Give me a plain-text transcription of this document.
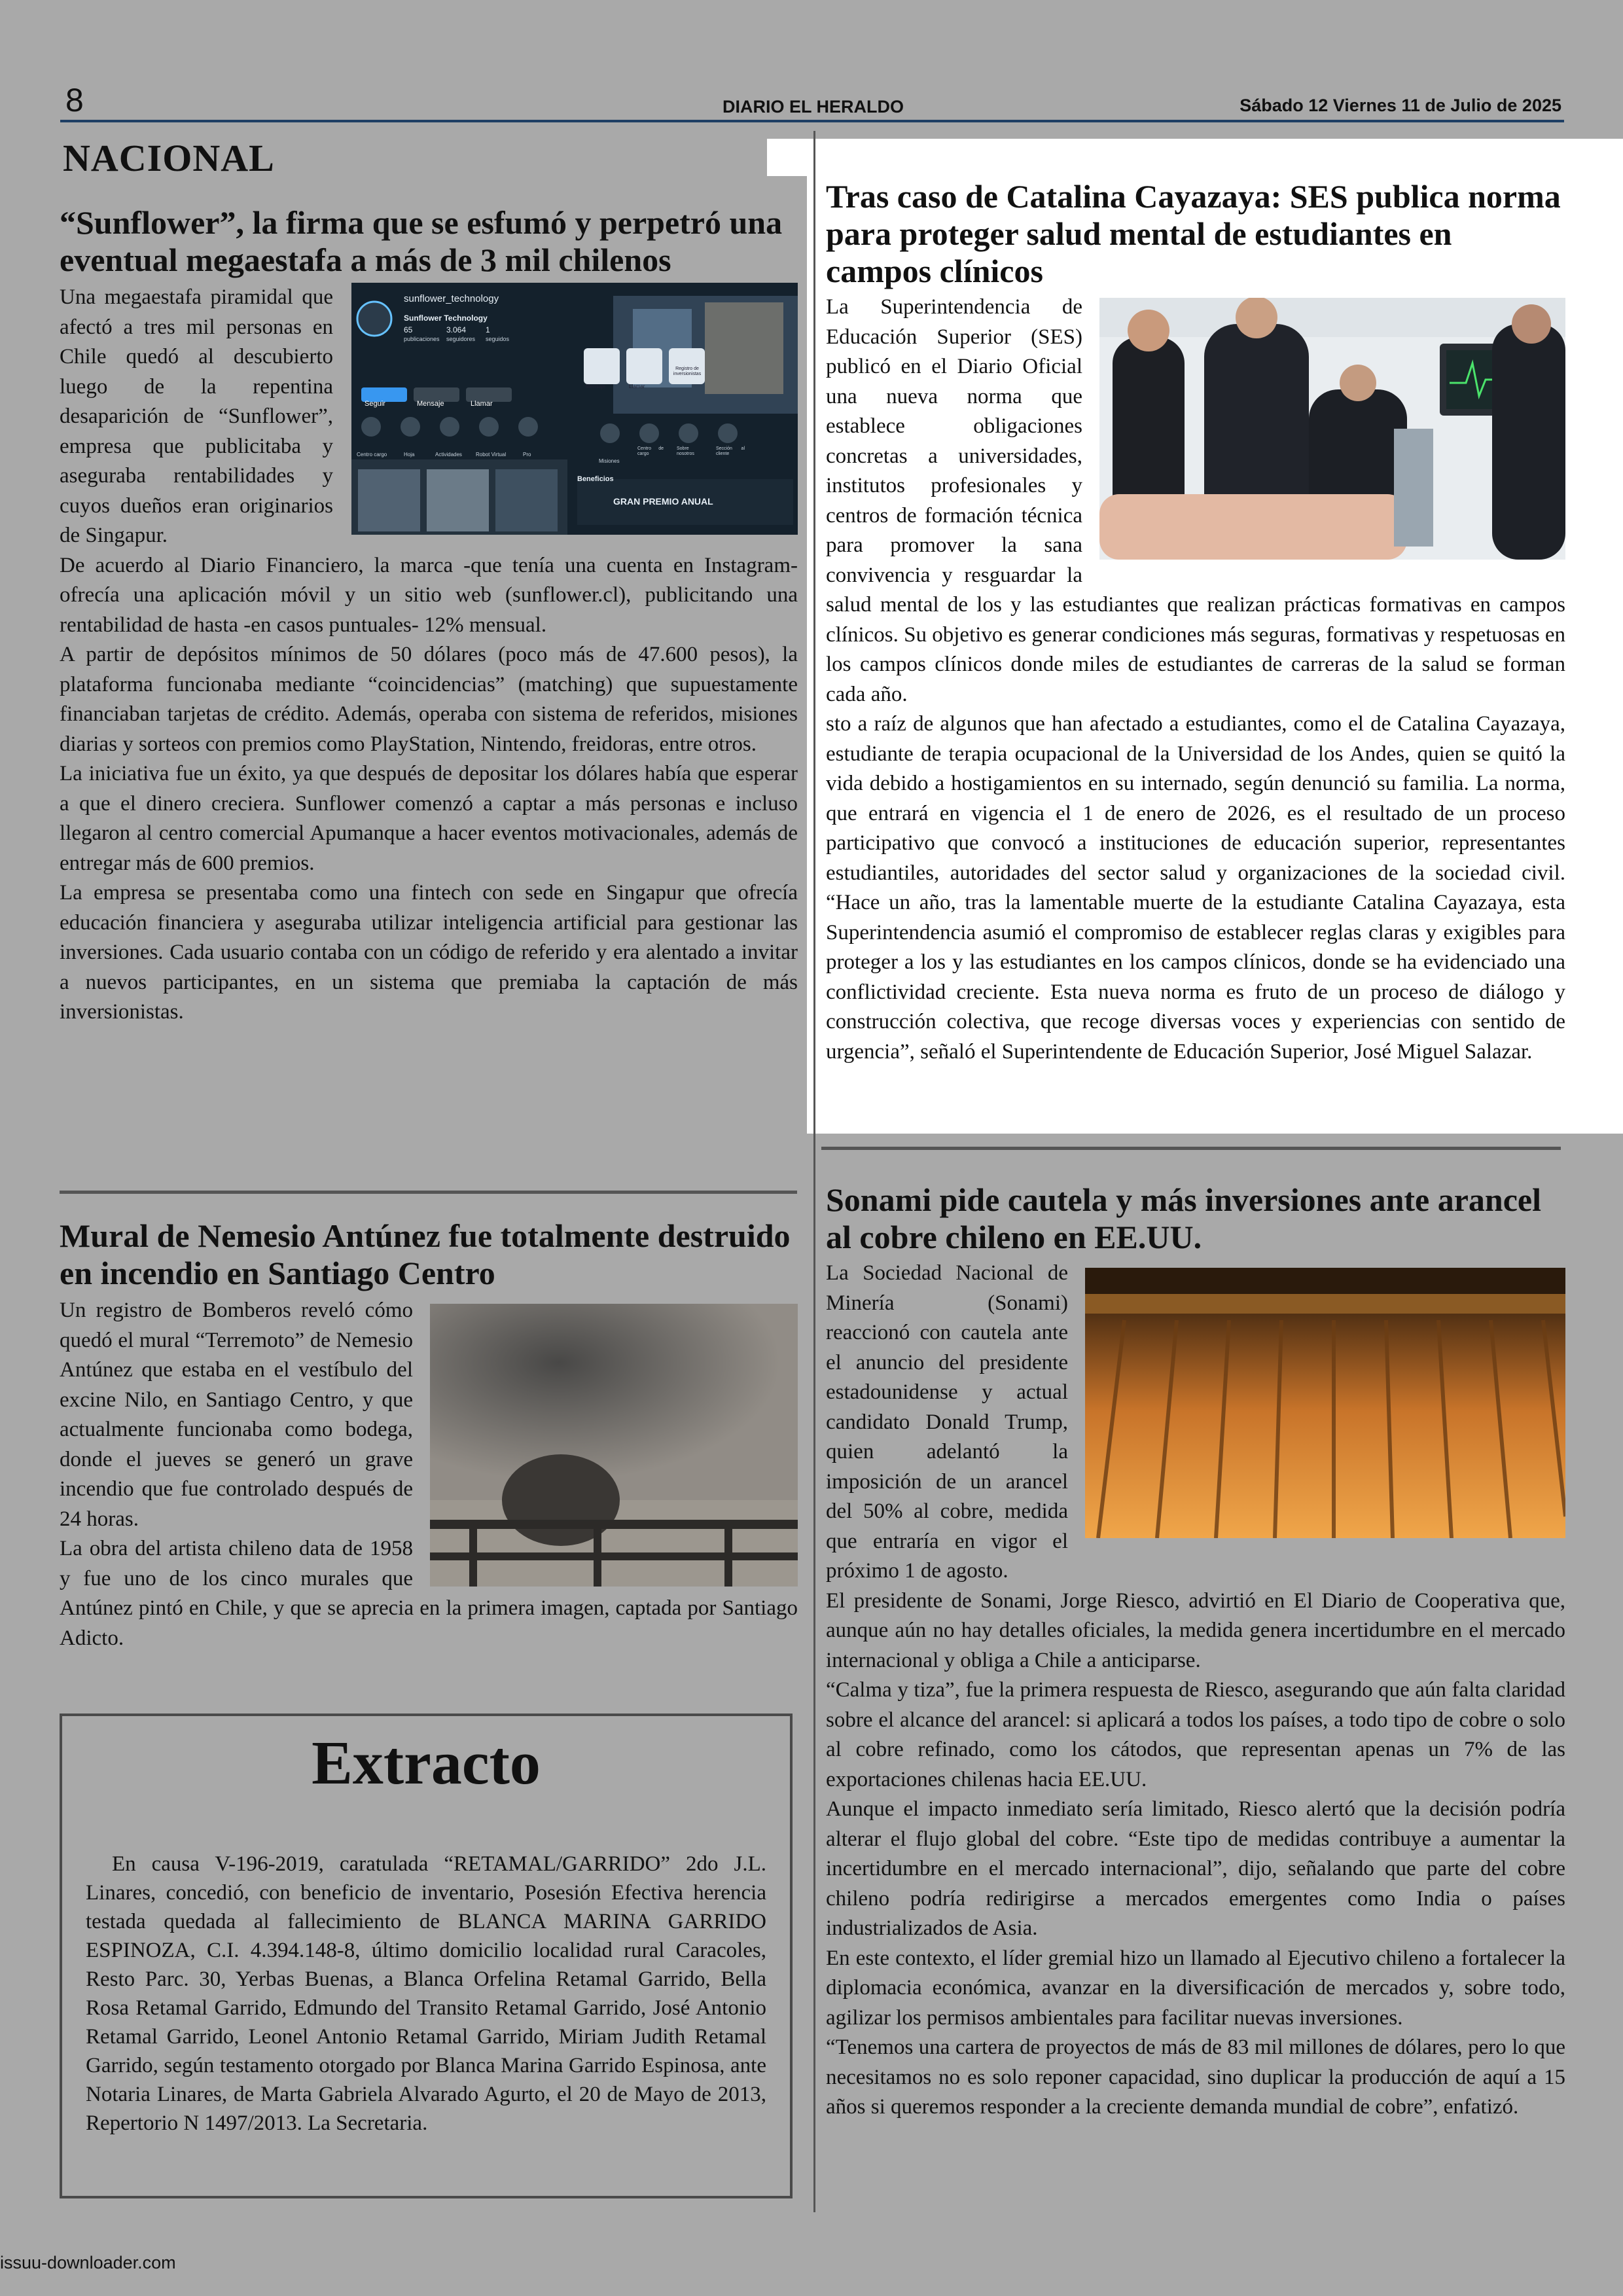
8	DIARIO EL HERALDO	Sábado 12 Viernes 11 de Julio de 2025
NACIONAL
“Sunflower”, la firma que se esfumó y perpetró una eventual megaestafa a más de 3 mil chilenos
sunflower_technology
Sunflower Technology
65
publicaciones
3.064
seguidores
1
seguidos
Seguir	Mensaje	Llamar
Mensaje	Llamar
Registro de inversionistas
Centro cargo	Hoja	Actividades	Robot Virtual	Pro
Misiones
Centro de cargo
Sobre nosotros
Sección al cliente
Beneficios
GRAN PREMIO ANUAL

Una megaestafa piramidal que afectó a tres mil personas en Chile quedó al descubierto luego de la repentina desaparición de “Sunflower”, empresa que publicitaba y aseguraba rentabilidades y cuyos dueños eran originarios de Singapur.

De acuerdo al Diario Financiero, la marca -que tenía una cuenta en Instagram- ofrecía una aplicación móvil y un sitio web (sunflower.cl), publicitando una rentabilidad de hasta -en casos puntuales- 12% mensual.

A partir de depósitos mínimos de 50 dólares (poco más de 47.600 pesos), la plataforma funcionaba mediante “coincidencias” (matching) que supuestamente financiaban tarjetas de crédito. Además, operaba con sistema de referidos, misiones diarias y sorteos con premios como PlayStation, Nintendo, freidoras, entre otros.

La iniciativa fue un éxito, ya que después de depositar los dólares había que esperar a que el dinero creciera. Sunflower comenzó a captar a más personas e incluso llegaron al centro comercial Apumanque a hacer eventos motivacionales, además de entregar más de 600 premios.

La empresa se presentaba como una fintech con sede en Singapur que ofrecía educación financiera y aseguraba utilizar inteligencia artificial para gestionar las inversiones. Cada usuario contaba con un código de referido y era alentado a invitar a nuevos participantes, en un sistema que premiaba la captación de más inversionistas.

Tras caso de Catalina Cayazaya: SES publica norma para proteger salud mental de estudiantes en campos clínicos

La Superintendencia de Educación Superior (SES) publicó en el Diario Oficial una nueva norma que establece obligaciones concretas a universidades, institutos profesionales y centros de formación técnica para promover la sana convivencia y resguardar la salud mental de los y las estudiantes que realizan prácticas formativas en campos clínicos. Su objetivo es generar condiciones más seguras, formativas y respetuosas en los campos clínicos donde miles de estudiantes de carreras de la salud se forman cada año.

sto a raíz de algunos que han afectado a estudiantes, como el de Catalina Cayazaya, estudiante de terapia ocupacional de la Universidad de los Andes, quien se quitó la vida debido a hostigamientos en su internado, según denunció su familia. La norma, que entrará en vigencia el 1 de enero de 2026, es el resultado de un proceso participativo que convocó a instituciones de educación superior, representantes estudiantiles, autoridades del sector salud y organizaciones de la sociedad civil. “Hace un año, tras la lamentable muerte de la estudiante Catalina Cayazaya, esta Superintendencia asumió el compromiso de establecer reglas claras y exigibles para proteger a los y las estudiantes en los campos clínicos, donde se ha evidenciado una conflictividad creciente. Esta nueva norma es fruto de un proceso de diálogo y construcción colectiva, que recoge diversas voces y experiencias con sentido de urgencia”, señaló el Superintendente de Educación Superior, José Miguel Salazar.

Mural de Nemesio Antúnez fue totalmente destruido en incendio en Santiago Centro

Un registro de Bomberos reveló cómo quedó el mural “Terremoto” de Nemesio Antúnez que estaba en el vestíbulo del excine Nilo, en Santiago Centro, y que actualmente funcionaba como bodega, donde el jueves se generó un grave incendio que fue controlado después de 24 horas.

La obra del artista chileno data de 1958 y fue uno de los cinco murales que Antúnez pintó en Chile, y que se aprecia en la primera imagen, captada por Santiago Adicto.

Extracto
En causa V-196-2019, caratulada “RETAMAL/GARRIDO” 2do J.L. Linares, concedió, con beneficio de inventario, Posesión Efectiva herencia testada quedada al fallecimiento de BLANCA MARINA GARRIDO ESPINOZA, C.I. 4.394.148-8, último domicilio localidad rural Caracoles, Resto Parc. 30, Yerbas Buenas, a Blanca Orfelina Retamal Garrido, Bella Rosa Retamal Garrido, Edmundo del Transito Retamal Garrido, José Antonio Retamal Garrido, Leonel Antonio Retamal Garrido, Miriam Judith Retamal Garrido, según testamento otorgado por Blanca Marina Garrido Espinosa, ante Notaria Linares, de Marta Gabriela Alvarado Agurto, el 20 de Mayo de 2013, Repertorio N 1497/2013. La Secretaria.
Sonami pide cautela y más inversiones ante arancel al cobre chileno en EE.UU.

La Sociedad Nacional de Minería (Sonami) reaccionó con cautela ante el anuncio del presidente estadounidense y actual candidato Donald Trump, quien adelantó la imposición de un arancel del 50% al cobre, medida que entraría en vigor el próximo 1 de agosto.

El presidente de Sonami, Jorge Riesco, advirtió en El Diario de Cooperativa que, aunque aún no hay detalles oficiales, la medida genera incertidumbre en el mercado internacional y obliga a Chile a anticiparse.

“Calma y tiza”, fue la primera respuesta de Riesco, asegurando que aún falta claridad sobre el alcance del arancel: si aplicará a todos los países, a todo tipo de cobre o solo al cobre refinado, como los cátodos, que representan apenas un 7% de las exportaciones chilenas hacia EE.UU.

Aunque el impacto inmediato sería limitado, Riesco alertó que la decisión podría alterar el flujo global del cobre. “Este tipo de medidas contribuye a aumentar la incertidumbre en el mercado internacional”, dijo, señalando que parte del cobre chileno podría redirigirse a mercados emergentes como India o países industrializados de Asia.

En este contexto, el líder gremial hizo un llamado al Ejecutivo chileno a fortalecer la diplomacia económica, avanzar en la diversificación de mercados y, sobre todo, agilizar los permisos ambientales para facilitar nuevas inversiones.

“Tenemos una cartera de proyectos de más de 83 mil millones de dólares, pero lo que necesitamos no es solo reponer capacidad, sino duplicar la producción de aquí a 15 años si queremos responder a la creciente demanda mundial de cobre”, enfatizó.

issuu-downloader.com
